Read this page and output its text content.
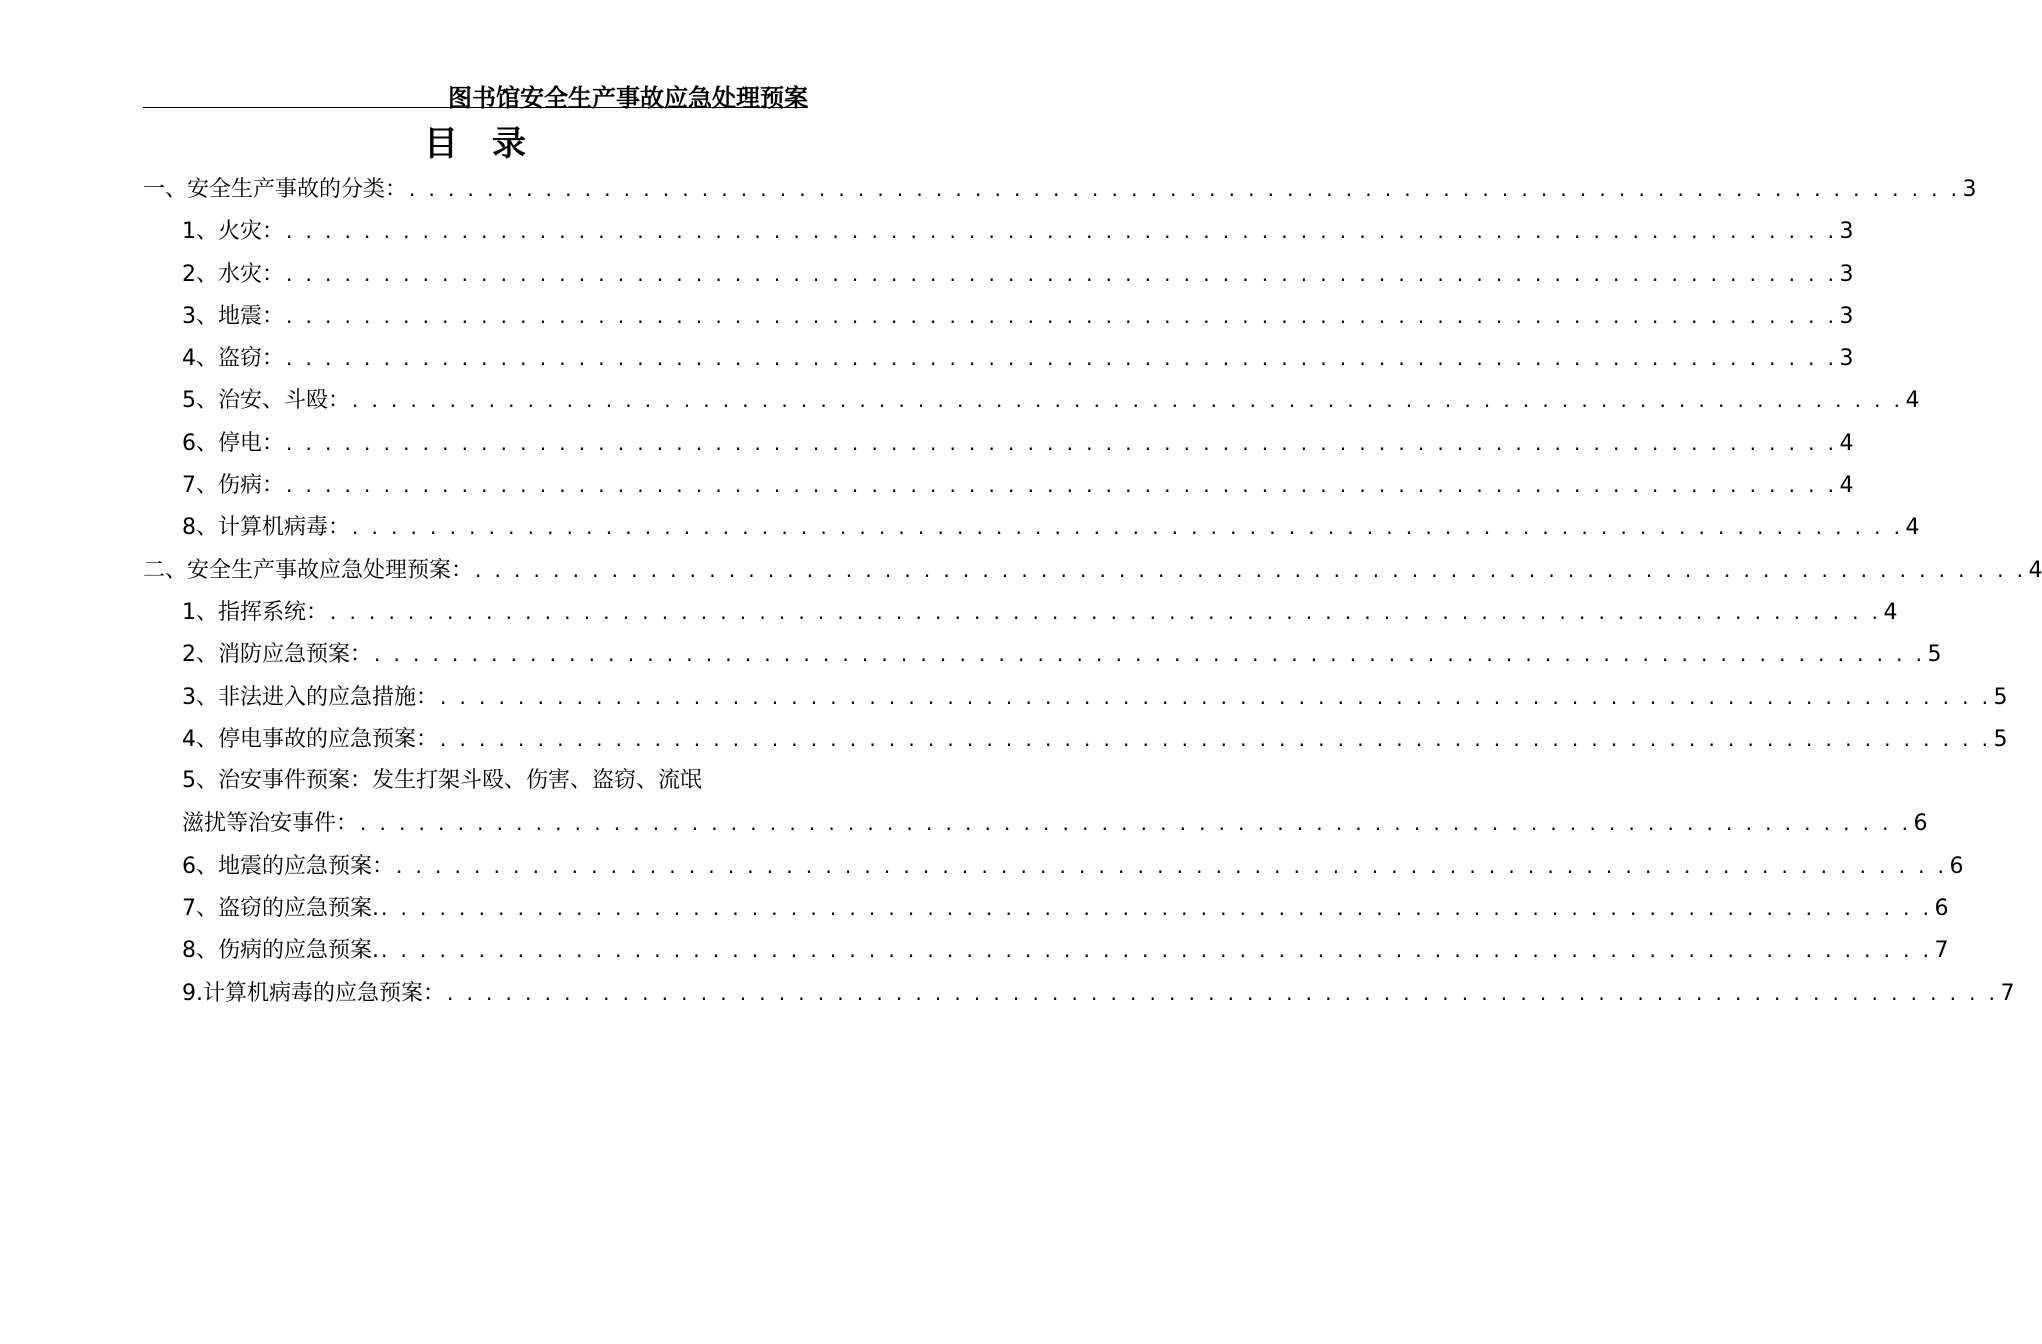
图书馆安全生产事故应急处理预案
目录
一、安全生产事故的分类： . . . . . . . . . . . . . . . . . . . . . . . . . . . . . . . . . . . . . . . . . . . . . . . . . . . . . . . . . . . . . . . . . . . . . . . . . . . . . . . . 3
1、火灾： . . . . . . . . . . . . . . . . . . . . . . . . . . . . . . . . . . . . . . . . . . . . . . . . . . . . . . . . . . . . . . . . . . . . . . . . . . . . . . . . 3
2、水灾： . . . . . . . . . . . . . . . . . . . . . . . . . . . . . . . . . . . . . . . . . . . . . . . . . . . . . . . . . . . . . . . . . . . . . . . . . . . . . . . . 3
3、地震： . . . . . . . . . . . . . . . . . . . . . . . . . . . . . . . . . . . . . . . . . . . . . . . . . . . . . . . . . . . . . . . . . . . . . . . . . . . . . . . . 3
4、盗窃： . . . . . . . . . . . . . . . . . . . . . . . . . . . . . . . . . . . . . . . . . . . . . . . . . . . . . . . . . . . . . . . . . . . . . . . . . . . . . . . . 3
5、治安、斗殴： . . . . . . . . . . . . . . . . . . . . . . . . . . . . . . . . . . . . . . . . . . . . . . . . . . . . . . . . . . . . . . . . . . . . . . . . . . . . . . . . 4
6、停电： . . . . . . . . . . . . . . . . . . . . . . . . . . . . . . . . . . . . . . . . . . . . . . . . . . . . . . . . . . . . . . . . . . . . . . . . . . . . . . . . 4
7、伤病： . . . . . . . . . . . . . . . . . . . . . . . . . . . . . . . . . . . . . . . . . . . . . . . . . . . . . . . . . . . . . . . . . . . . . . . . . . . . . . . . 4
8、计算机病毒： . . . . . . . . . . . . . . . . . . . . . . . . . . . . . . . . . . . . . . . . . . . . . . . . . . . . . . . . . . . . . . . . . . . . . . . . . . . . . . . . 4
二、安全生产事故应急处理预案： . . . . . . . . . . . . . . . . . . . . . . . . . . . . . . . . . . . . . . . . . . . . . . . . . . . . . . . . . . . . . . . . . . . . . . . . . . . . . . . . 4
1、指挥系统： . . . . . . . . . . . . . . . . . . . . . . . . . . . . . . . . . . . . . . . . . . . . . . . . . . . . . . . . . . . . . . . . . . . . . . . . . . . . . . . . 4
2、消防应急预案： . . . . . . . . . . . . . . . . . . . . . . . . . . . . . . . . . . . . . . . . . . . . . . . . . . . . . . . . . . . . . . . . . . . . . . . . . . . . . . . . 5
3、非法进入的应急措施： . . . . . . . . . . . . . . . . . . . . . . . . . . . . . . . . . . . . . . . . . . . . . . . . . . . . . . . . . . . . . . . . . . . . . . . . . . . . . . . . 5
4、停电事故的应急预案： . . . . . . . . . . . . . . . . . . . . . . . . . . . . . . . . . . . . . . . . . . . . . . . . . . . . . . . . . . . . . . . . . . . . . . . . . . . . . . . . 5
5、治安事件预案：发生打架斗殴、伤害、盗窃、流氓
滋扰等治安事件： . . . . . . . . . . . . . . . . . . . . . . . . . . . . . . . . . . . . . . . . . . . . . . . . . . . . . . . . . . . . . . . . . . . . . . . . . . . . . . . . 6
6、地震的应急预案： . . . . . . . . . . . . . . . . . . . . . . . . . . . . . . . . . . . . . . . . . . . . . . . . . . . . . . . . . . . . . . . . . . . . . . . . . . . . . . . . 6
7、盗窃的应急预案. . . . . . . . . . . . . . . . . . . . . . . . . . . . . . . . . . . . . . . . . . . . . . . . . . . . . . . . . . . . . . . . . . . . . . . . . . . . . . . . . 6
8、伤病的应急预案. . . . . . . . . . . . . . . . . . . . . . . . . . . . . . . . . . . . . . . . . . . . . . . . . . . . . . . . . . . . . . . . . . . . . . . . . . . . . . . . . 7
9.计算机病毒的应急预案： . . . . . . . . . . . . . . . . . . . . . . . . . . . . . . . . . . . . . . . . . . . . . . . . . . . . . . . . . . . . . . . . . . . . . . . . . . . . . . . . 7
